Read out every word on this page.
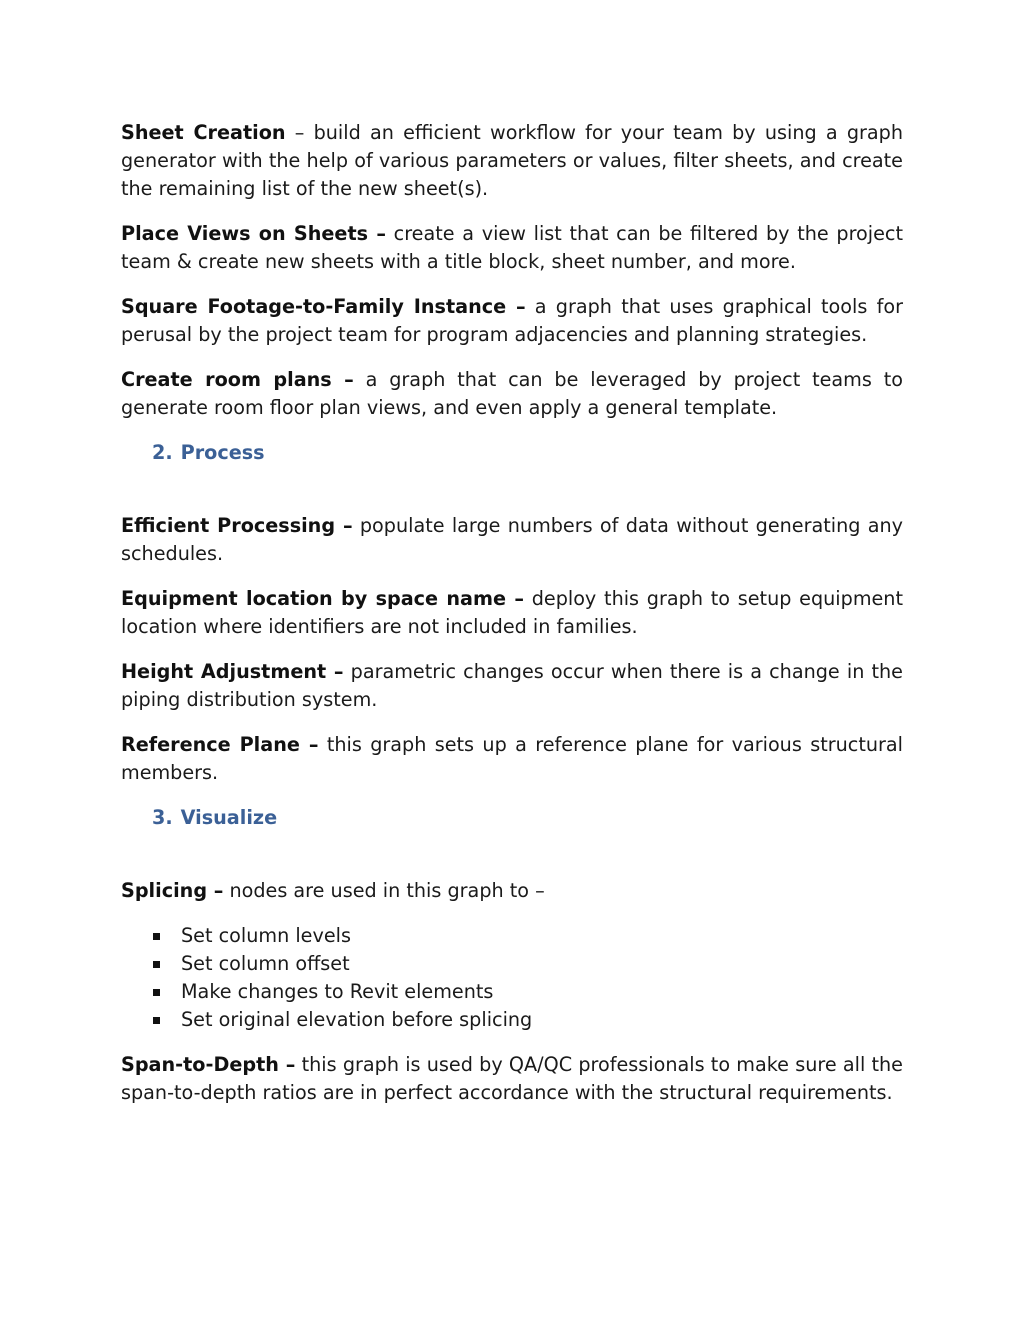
Sheet Creation – build an efficient workflow for your team by using a graph generator with the help of various parameters or values, filter sheets, and create the remaining list of the new sheet(s).

Place Views on Sheets – create a view list that can be filtered by the project team & create new sheets with a title block, sheet number, and more.

Square Footage-to-Family Instance – a graph that uses graphical tools for perusal by the project team for program adjacencies and planning strategies.

Create room plans – a graph that can be leveraged by project teams to generate room floor plan views, and even apply a general template.

2. Process

Efficient Processing – populate large numbers of data without generating any schedules.

Equipment location by space name – deploy this graph to setup equipment location where identifiers are not included in families.

Height Adjustment – parametric changes occur when there is a change in the piping distribution system.

Reference Plane – this graph sets up a reference plane for various structural members.

3. Visualize

Splicing – nodes are used in this graph to –

Set column levels
Set column offset
Make changes to Revit elements
Set original elevation before splicing

Span-to-Depth – this graph is used by QA/QC professionals to make sure all the span-to-depth ratios are in perfect accordance with the structural requirements.
